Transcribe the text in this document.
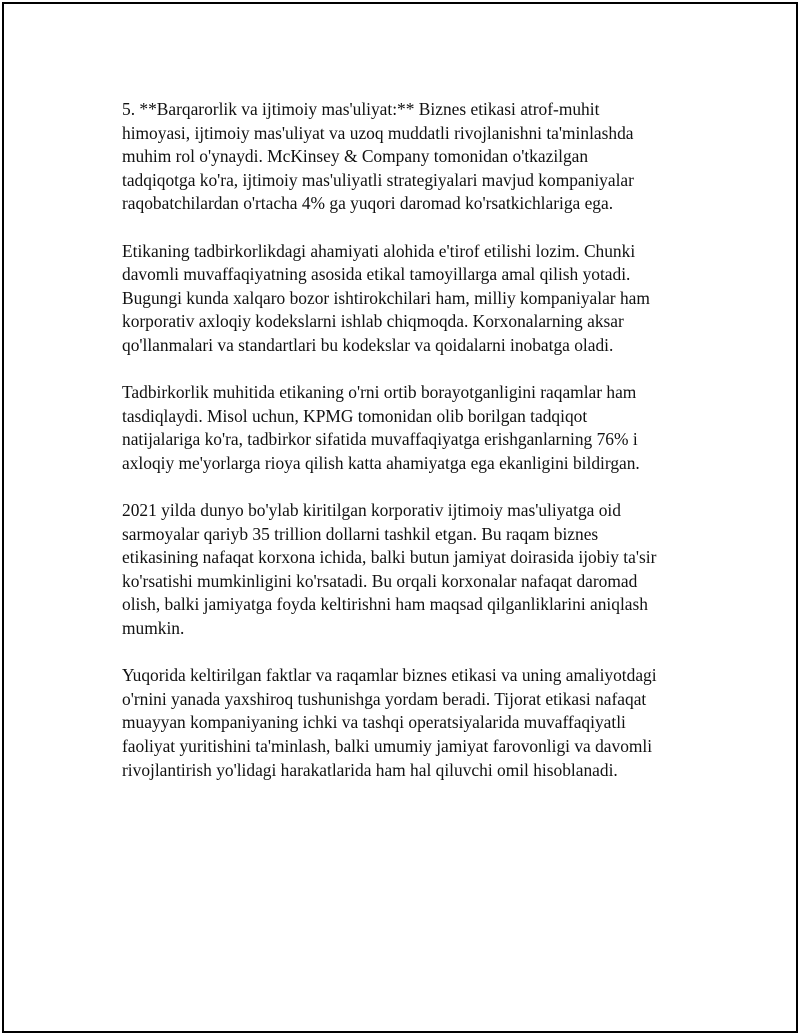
5. **Barqarorlik va ijtimoiy mas'uliyat:** Biznes etikasi atrof-muhit
himoyasi, ijtimoiy mas'uliyat va uzoq muddatli rivojlanishni ta'minlashda
muhim rol o'ynaydi. McKinsey & Company tomonidan o'tkazilgan
tadqiqotga ko'ra, ijtimoiy mas'uliyatli strategiyalari mavjud kompaniyalar
raqobatchilardan o'rtacha 4% ga yuqori daromad ko'rsatkichlariga ega.

Etikaning tadbirkorlikdagi ahamiyati alohida e'tirof etilishi lozim. Chunki
davomli muvaffaqiyatning asosida etikal tamoyillarga amal qilish yotadi.
Bugungi kunda xalqaro bozor ishtirokchilari ham, milliy kompaniyalar ham
korporativ axloqiy kodekslarni ishlab chiqmoqda. Korxonalarning aksar
qo'llanmalari va standartlari bu kodekslar va qoidalarni inobatga oladi.

Tadbirkorlik muhitida etikaning o'rni ortib borayotganligini raqamlar ham
tasdiqlaydi. Misol uchun, KPMG tomonidan olib borilgan tadqiqot
natijalariga ko'ra, tadbirkor sifatida muvaffaqiyatga erishganlarning 76% i
axloqiy me'yorlarga rioya qilish katta ahamiyatga ega ekanligini bildirgan.

2021 yilda dunyo bo'ylab kiritilgan korporativ ijtimoiy mas'uliyatga oid
sarmoyalar qariyb 35 trillion dollarni tashkil etgan. Bu raqam biznes
etikasining nafaqat korxona ichida, balki butun jamiyat doirasida ijobiy ta'sir
ko'rsatishi mumkinligini ko'rsatadi. Bu orqali korxonalar nafaqat daromad
olish, balki jamiyatga foyda keltirishni ham maqsad qilganliklarini aniqlash
mumkin.

Yuqorida keltirilgan faktlar va raqamlar biznes etikasi va uning amaliyotdagi
o'rnini yanada yaxshiroq tushunishga yordam beradi. Tijorat etikasi nafaqat
muayyan kompaniyaning ichki va tashqi operatsiyalarida muvaffaqiyatli
faoliyat yuritishini ta'minlash, balki umumiy jamiyat farovonligi va davomli
rivojlantirish yo'lidagi harakatlarida ham hal qiluvchi omil hisoblanadi.
